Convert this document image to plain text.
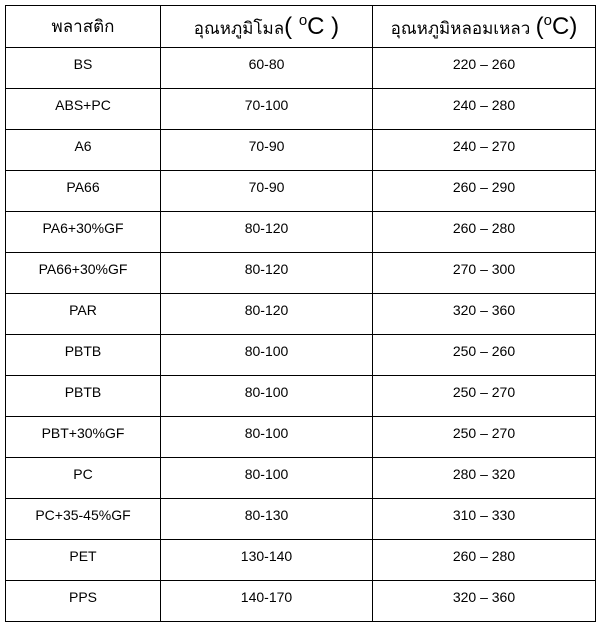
พลาสติก	อุณหภูมิโมล( $^o$C )	อุณหภูมิหลอมเหลว ($^o$C)
BS	60-80	220 – 260
ABS+PC	70-100	240 – 280
A6	70-90	240 – 270
PA66	70-90	260 – 290
PA6+30%GF	80-120	260 – 280
PA66+30%GF	80-120	270 – 300
PAR	80-120	320 – 360
PBTB	80-100	250 – 260
PBTB	80-100	250 – 270
PBT+30%GF	80-100	250 – 270
PC	80-100	280 – 320
PC+35-45%GF	80-130	310 – 330
PET	130-140	260 – 280
PPS	140-170	320 – 360
